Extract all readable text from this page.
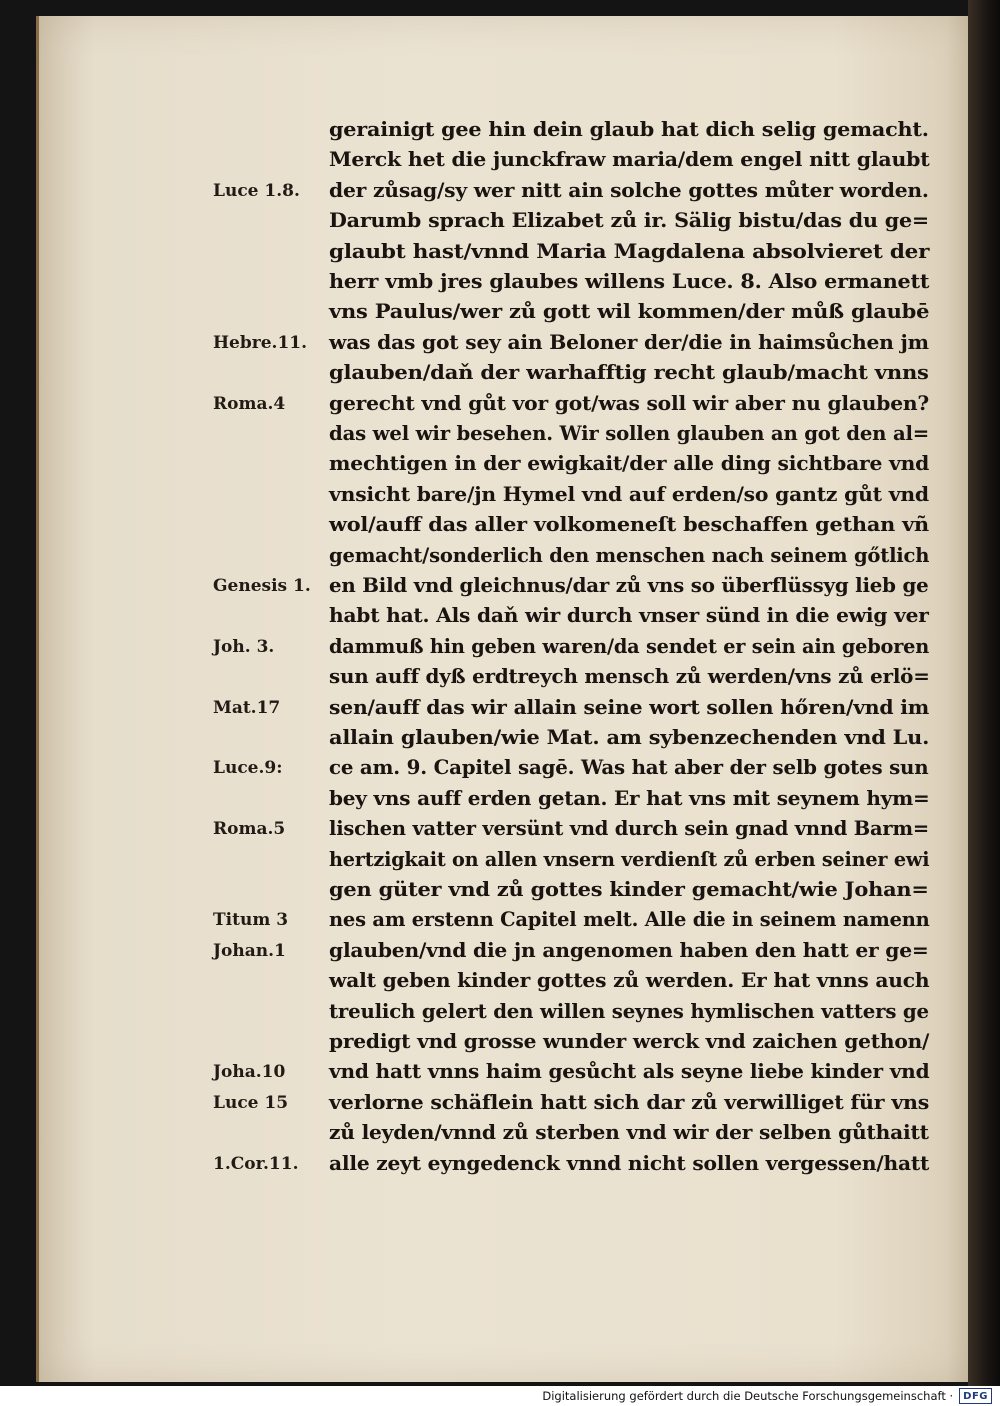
gerainigt gee hin dein glaub hat dich selig gemacht.
Merck het die junckfraw maria/dem engel nitt glaubt
der zůsag/sy wer nitt ain solche gottes můter worden.
Darumb sprach Elizabet zů ir. Sälig bistu/das du ge=
glaubt hast/vnnd Maria Magdalena absolvieret der
herr vmb jres glaubes willens Luce. 8. Also ermanett
vns Paulus/wer zů gott wil kommen/der můß glaubē
was das got sey ain Beloner der/die in haimsůchen jm
glauben/daň der warhafftig recht glaub/macht vnns
gerecht vnd gůt vor got/was soll wir aber nu glauben?
das wel wir besehen. Wir sollen glauben an got den al=
mechtigen in der ewigkait/der alle ding sichtbare vnd
vnsicht bare/jn Hymel vnd auf erden/so gantz gůt vnd
wol/auff das aller volkomeneſt beschaffen gethan vñ
gemacht/sonderlich den menschen nach seinem gőtlich
en Bild vnd gleichnus/dar zů vns so überflüssyg lieb ge
habt hat. Als daň wir durch vnser sünd in die ewig ver
dammuß hin geben waren/da sendet er sein ain geboren
sun auff dyß erdtreych mensch zů werden/vns zů erlö=
sen/auff das wir allain seine wort sollen hőren/vnd im
allain glauben/wie Mat. am sybenzechenden vnd Lu.
ce am. 9. Capitel sagē. Was hat aber der selb gotes sun
bey vns auff erden getan. Er hat vns mit seynem hym=
lischen vatter versünt vnd durch sein gnad vnnd Barm=
hertzigkait on allen vnsern verdienſt zů erben seiner ewi
gen güter vnd zů gottes kinder gemacht/wie Johan=
nes am erstenn Capitel melt. Alle die in seinem namenn
glauben/vnd die jn angenomen haben den hatt er ge=
walt geben kinder gottes zů werden. Er hat vnns auch
treulich gelert den willen seynes hymlischen vatters ge
predigt vnd grosse wunder werck vnd zaichen gethon/
vnd hatt vnns haim gesůcht als seyne liebe kinder vnd
verlorne schäflein hatt sich dar zů verwilliget für vns
zů leyden/vnnd zů sterben vnd wir der selben gůthaitt
alle zeyt eyngedenck vnnd nicht sollen vergessen/hatt
Luce 1.8.
Hebre.11.
Roma.4
Genesis 1.
Joh. 3.
Mat.17
Luce.9:
Roma.5
Titum 3
Johan.1
Joha.10
Luce 15
1.Cor.11.
Digitalisierung gefördert durch die Deutsche Forschungsgemeinschaft ·	DFG
